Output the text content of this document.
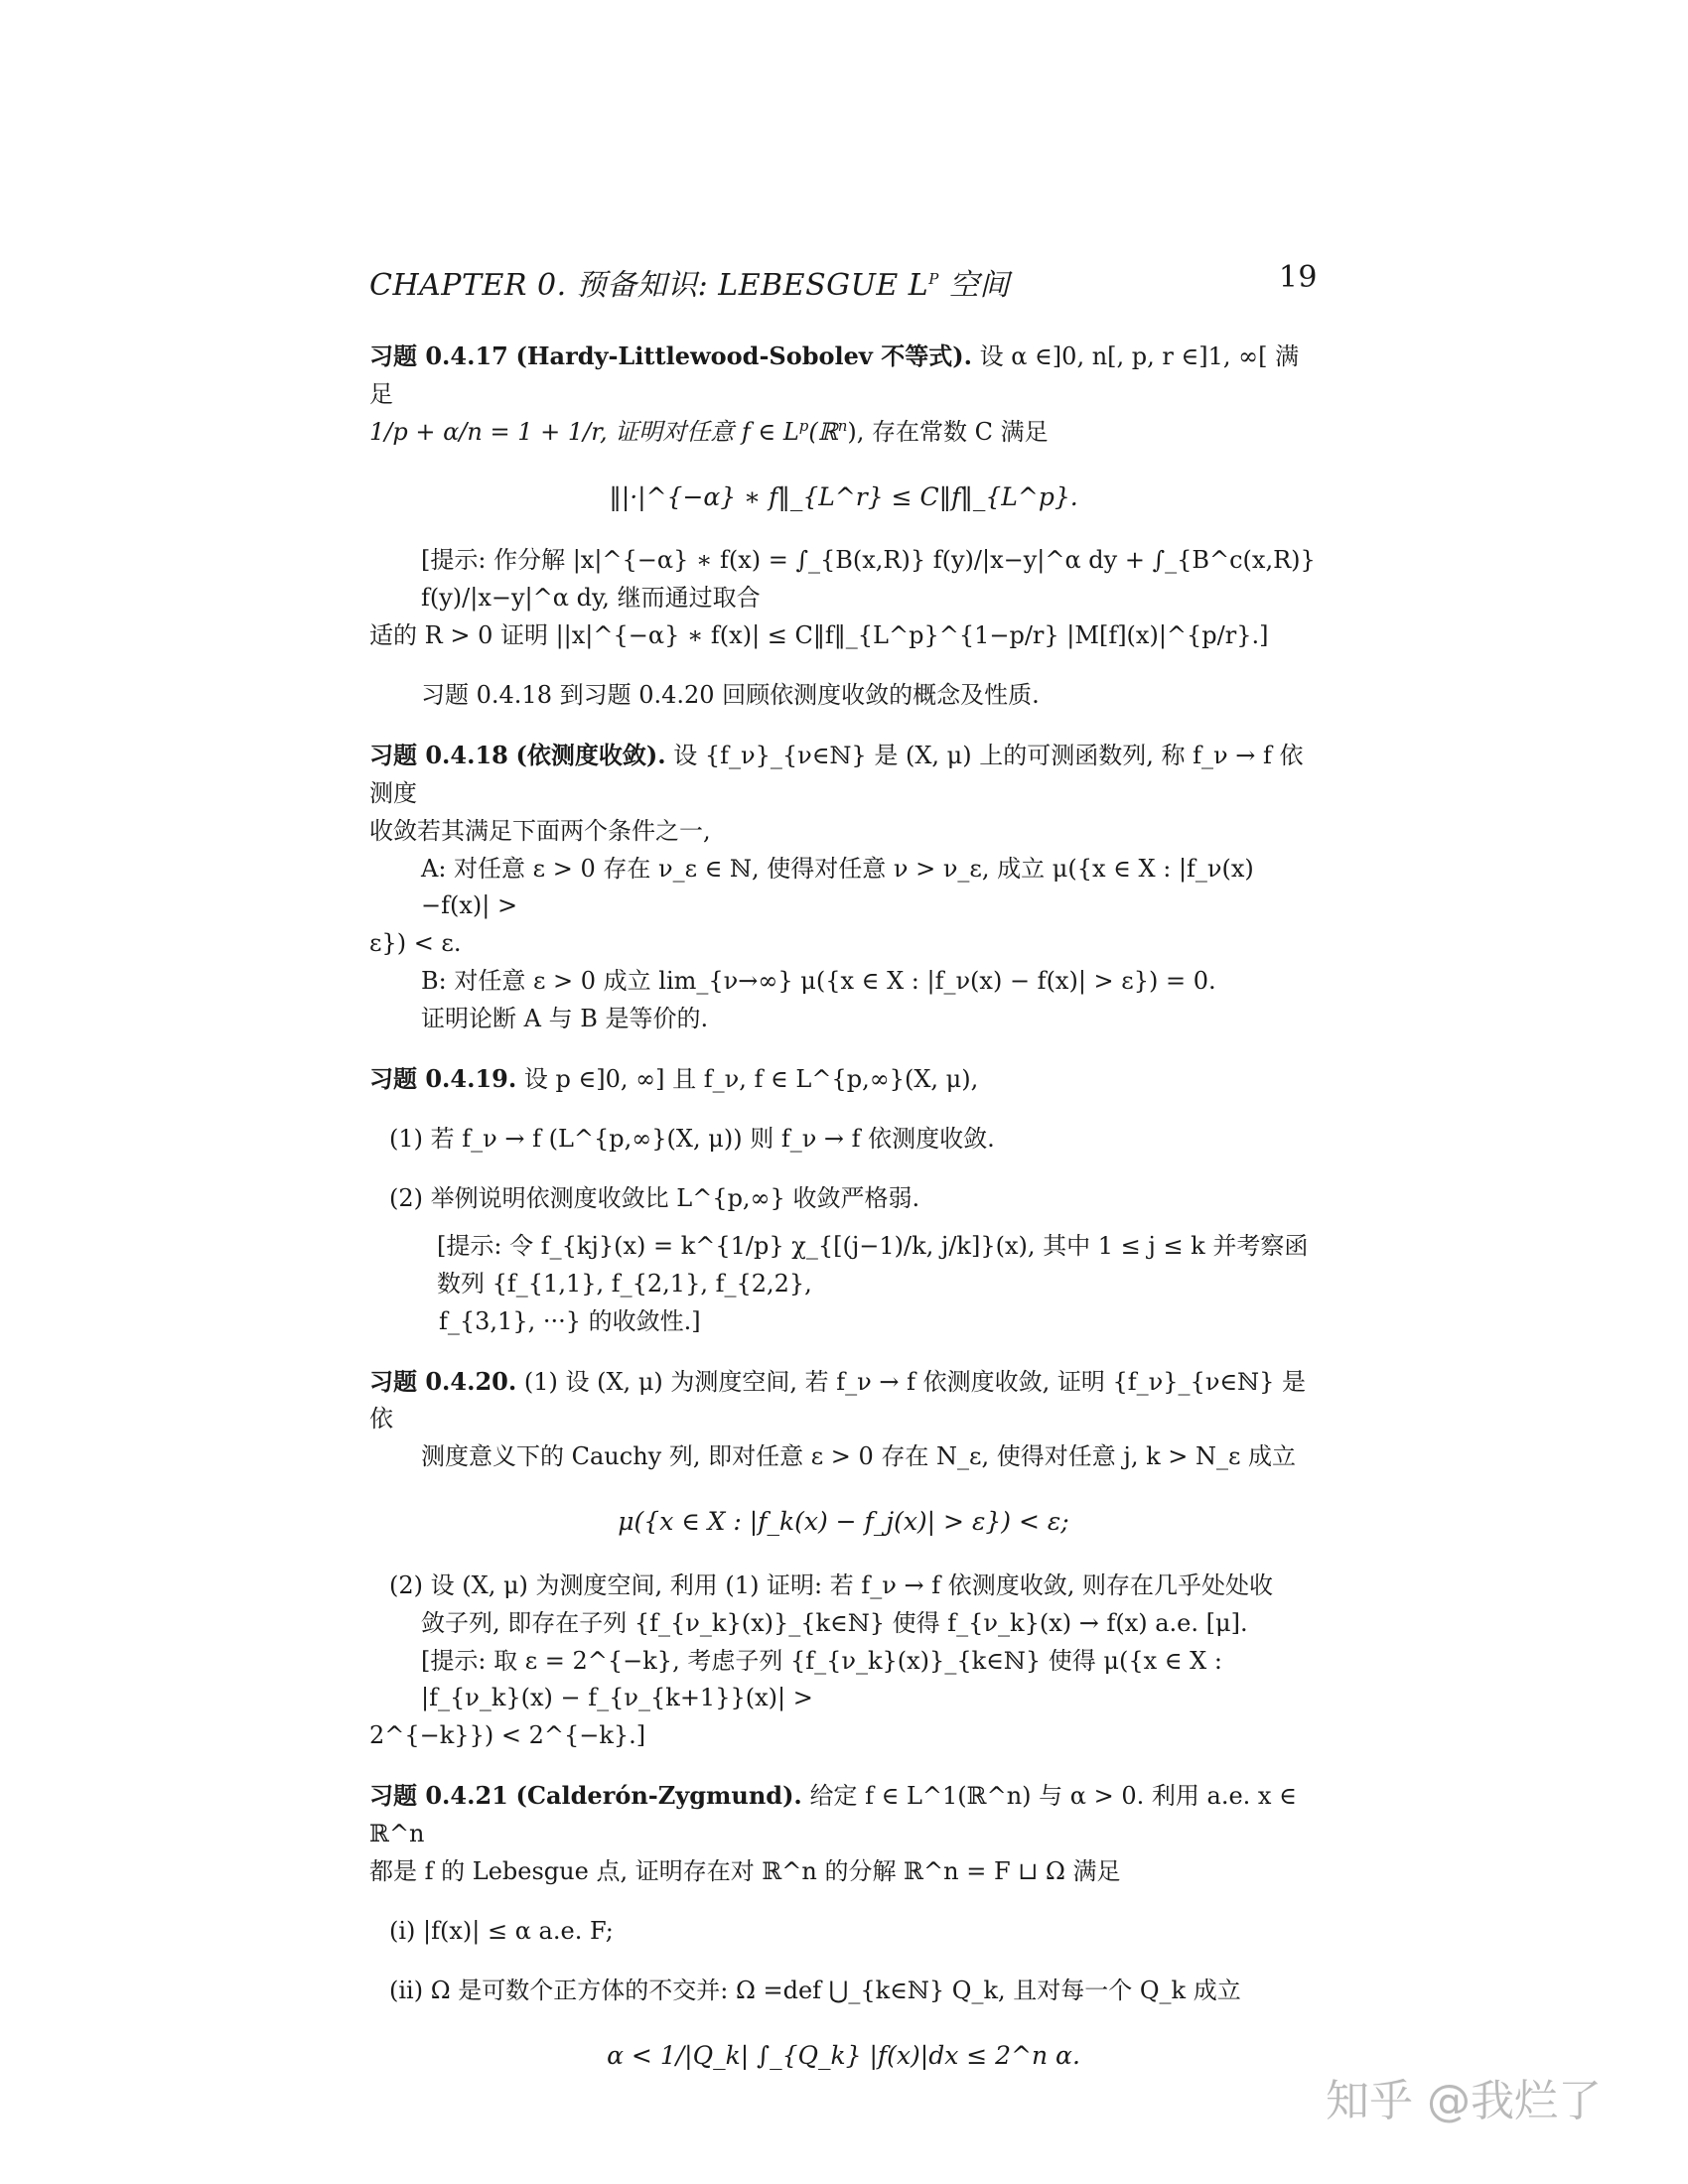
CHAPTER 0. 预备知识: LEBESGUE $L^P$ 空间	19

习题 0.4.17 (Hardy-Littlewood-Sobolev 不等式). 设 α ∈]0, n[, p, r ∈]1, ∞[ 满足

1/p + α/n = 1 + 1/r, 证明对任意 f ∈ $L^p(ℝ^n)$, 存在常数 C 满足

‖|·|^{−α} ∗ f‖_{L^r} ≤ C‖f‖_{L^p}.

[提示: 作分解 |x|^{−α} ∗ f(x) = ∫_{B(x,R)} f(y)/|x−y|^α dy + ∫_{B^c(x,R)} f(y)/|x−y|^α dy, 继而通过取合

适的 R > 0 证明 ||x|^{−α} ∗ f(x)| ≤ C‖f‖_{L^p}^{1−p/r} |M[f](x)|^{p/r}.]

习题 0.4.18 到习题 0.4.20 回顾依测度收敛的概念及性质.

习题 0.4.18 (依测度收敛). 设 {f_ν}_{ν∈ℕ} 是 (X, μ) 上的可测函数列, 称 f_ν → f 依测度

收敛若其满足下面两个条件之一,

A: 对任意 ε > 0 存在 ν_ε ∈ ℕ, 使得对任意 ν > ν_ε, 成立 μ({x ∈ X : |f_ν(x)−f(x)| >

ε}) < ε.

B: 对任意 ε > 0 成立 lim_{ν→∞} μ({x ∈ X : |f_ν(x) − f(x)| > ε}) = 0.

证明论断 A 与 B 是等价的.

习题 0.4.19. 设 p ∈]0, ∞] 且 f_ν, f ∈ L^{p,∞}(X, μ),

(1) 若 f_ν → f (L^{p,∞}(X, μ)) 则 f_ν → f 依测度收敛.

(2) 举例说明依测度收敛比 L^{p,∞} 收敛严格弱.

[提示: 令 f_{kj}(x) = k^{1/p} χ_{[(j−1)/k, j/k]}(x), 其中 1 ≤ j ≤ k 并考察函数列 {f_{1,1}, f_{2,1}, f_{2,2},

f_{3,1}, ···} 的收敛性.]

习题 0.4.20. (1) 设 (X, μ) 为测度空间, 若 f_ν → f 依测度收敛, 证明 {f_ν}_{ν∈ℕ} 是依

测度意义下的 Cauchy 列, 即对任意 ε > 0 存在 N_ε, 使得对任意 j, k > N_ε 成立

μ({x ∈ X : |f_k(x) − f_j(x)| > ε}) < ε;

(2) 设 (X, μ) 为测度空间, 利用 (1) 证明: 若 f_ν → f 依测度收敛, 则存在几乎处处收

敛子列, 即存在子列 {f_{ν_k}(x)}_{k∈ℕ} 使得 f_{ν_k}(x) → f(x) a.e. [μ].

[提示: 取 ε = 2^{−k}, 考虑子列 {f_{ν_k}(x)}_{k∈ℕ} 使得 μ({x ∈ X : |f_{ν_k}(x) − f_{ν_{k+1}}(x)| >

2^{−k}}) < 2^{−k}.]

习题 0.4.21 (Calderón-Zygmund). 给定 f ∈ L^1(ℝ^n) 与 α > 0. 利用 a.e. x ∈ ℝ^n

都是 f 的 Lebesgue 点, 证明存在对 ℝ^n 的分解 ℝ^n = F ⊔ Ω 满足

(i) |f(x)| ≤ α a.e. F;

(ii) Ω 是可数个正方体的不交并: Ω =def ⋃_{k∈ℕ} Q_k, 且对每一个 Q_k 成立

α < 1/|Q_k| ∫_{Q_k} |f(x)|dx ≤ 2^n α.
知乎 @我烂了
